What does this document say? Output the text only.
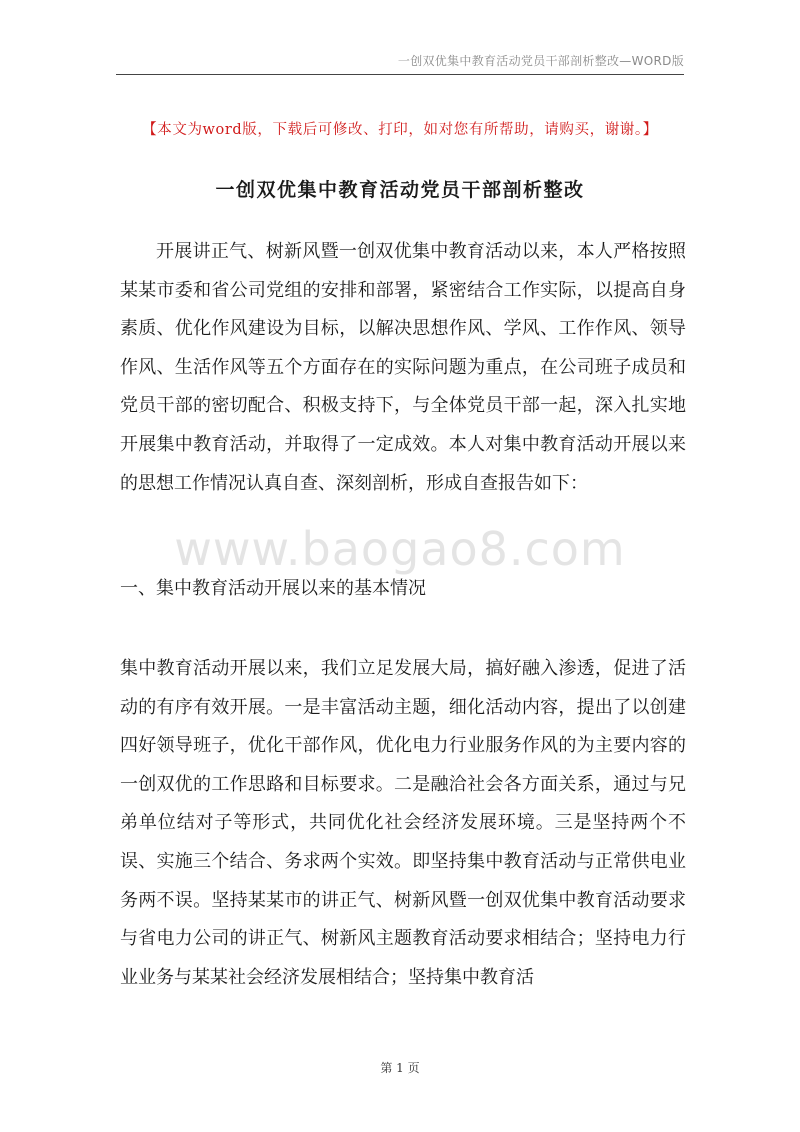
一创双优集中教育活动党员干部剖析整改—WORD版
【本文为word版，下载后可修改、打印，如对您有所帮助，请购买，谢谢。】
一创双优集中教育活动党员干部剖析整改
开展讲正气、树新风暨一创双优集中教育活动以来，本人严格按照某某市委和省公司党组的安排和部署，紧密结合工作实际，以提高自身素质、优化作风建设为目标，以解决思想作风、学风、工作作风、领导作风、生活作风等五个方面存在的实际问题为重点，在公司班子成员和党员干部的密切配合、积极支持下，与全体党员干部一起，深入扎实地开展集中教育活动，并取得了一定成效。本人对集中教育活动开展以来的思想工作情况认真自查、深刻剖析，形成自查报告如下：
www.baogao8.com
一、集中教育活动开展以来的基本情况
集中教育活动开展以来，我们立足发展大局，搞好融入渗透，促进了活动的有序有效开展。一是丰富活动主题，细化活动内容，提出了以创建四好领导班子，优化干部作风，优化电力行业服务作风的为主要内容的一创双优的工作思路和目标要求。二是融洽社会各方面关系，通过与兄弟单位结对子等形式，共同优化社会经济发展环境。三是坚持两个不误、实施三个结合、务求两个实效。即坚持集中教育活动与正常供电业务两不误。坚持某某市的讲正气、树新风暨一创双优集中教育活动要求与省电力公司的讲正气、树新风主题教育活动要求相结合；坚持电力行业业务与某某社会经济发展相结合；坚持集中教育活
第 1 页
